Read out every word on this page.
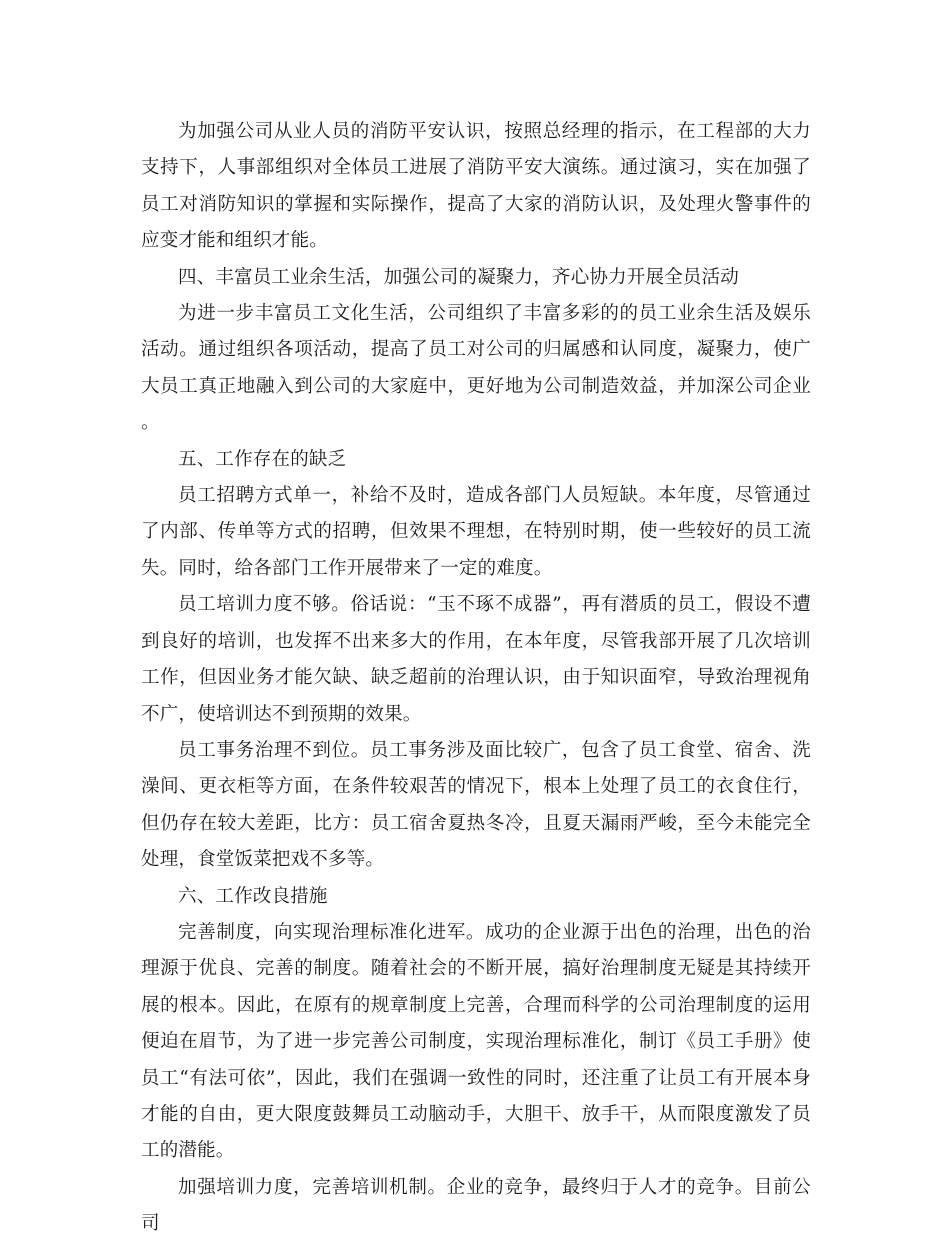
为加强公司从业人员的消防平安认识，按照总经理的指示，在工程部的大力支持下，人事部组织对全体员工进展了消防平安大演练。通过演习，实在加强了员工对消防知识的掌握和实际操作，提高了大家的消防认识，及处理火警事件的应变才能和组织才能。

四、丰富员工业余生活，加强公司的凝聚力，齐心协力开展全员活动

为进一步丰富员工文化生活，公司组织了丰富多彩的的员工业余生活及娱乐活动。通过组织各项活动，提高了员工对公司的归属感和认同度，凝聚力，使广大员工真正地融入到公司的大家庭中，更好地为公司制造效益，并加深公司企业。

五、工作存在的缺乏

员工招聘方式单一，补给不及时，造成各部门人员短缺。本年度，尽管通过了内部、传单等方式的招聘，但效果不理想，在特别时期，使一些较好的员工流失。同时，给各部门工作开展带来了一定的难度。

员工培训力度不够。俗话说：“玉不琢不成器”，再有潜质的员工，假设不遭到良好的培训，也发挥不出来多大的作用，在本年度，尽管我部开展了几次培训工作，但因业务才能欠缺、缺乏超前的治理认识，由于知识面窄，导致治理视角不广，使培训达不到预期的效果。

员工事务治理不到位。员工事务涉及面比较广，包含了员工食堂、宿舍、洗澡间、更衣柜等方面，在条件较艰苦的情况下，根本上处理了员工的衣食住行，但仍存在较大差距，比方：员工宿舍夏热冬冷，且夏天漏雨严峻，至今未能完全处理，食堂饭菜把戏不多等。

六、工作改良措施

完善制度，向实现治理标准化进军。成功的企业源于出色的治理，出色的治理源于优良、完善的制度。随着社会的不断开展，搞好治理制度无疑是其持续开展的根本。因此，在原有的规章制度上完善，合理而科学的公司治理制度的运用便迫在眉节，为了进一步完善公司制度，实现治理标准化，制订《员工手册》使员工“有法可依”，因此，我们在强调一致性的同时，还注重了让员工有开展本身才能的自由，更大限度鼓舞员工动脑动手，大胆干、放手干，从而限度激发了员工的潜能。

加强培训力度，完善培训机制。企业的竞争，最终归于人才的竞争。目前公司
